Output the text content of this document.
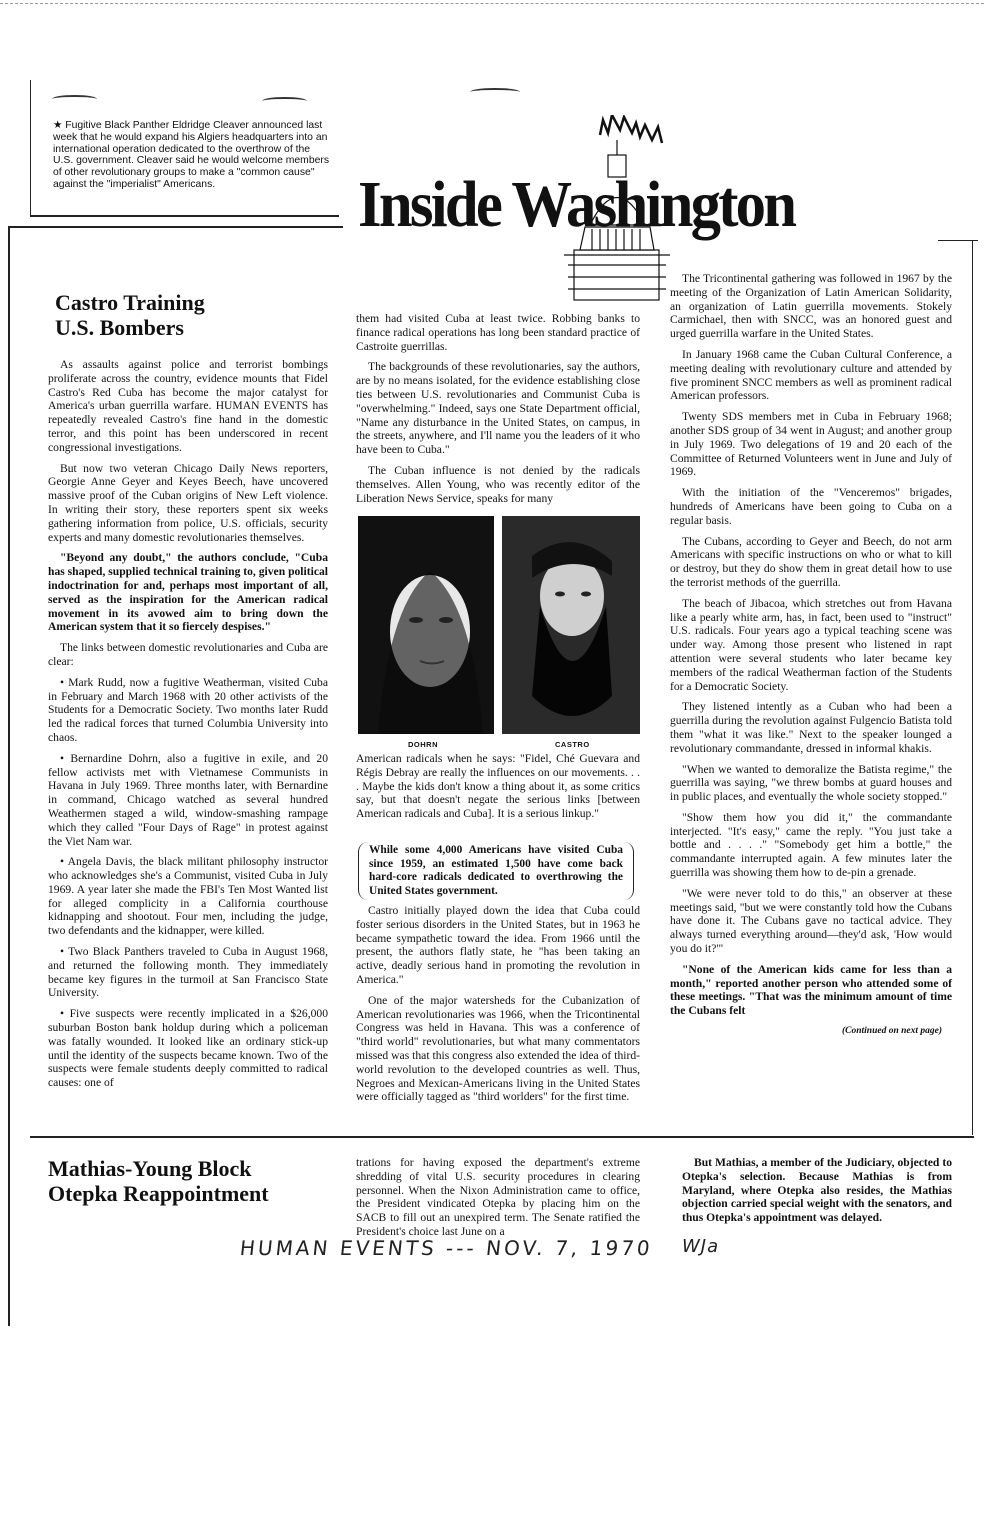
★ Fugitive Black Panther Eldridge Cleaver announced last week that he would expand his Algiers headquarters into an international operation dedicated to the overthrow of the U.S. government. Cleaver said he would welcome members of other revolutionary groups to make a "common cause" against the "imperialist" Americans.	Inside Washington

Castro Training

U.S. Bombers

As assaults against police and terrorist bombings proliferate across the country, evidence mounts that Fidel Castro's Red Cuba has become the major catalyst for America's urban guerrilla warfare. HUMAN EVENTS has repeatedly revealed Castro's fine hand in the domestic terror, and this point has been underscored in recent congressional investigations.

But now two veteran Chicago Daily News reporters, Georgie Anne Geyer and Keyes Beech, have uncovered massive proof of the Cuban origins of New Left violence. In writing their story, these reporters spent six weeks gathering information from police, U.S. officials, security experts and many domestic revolutionaries themselves.

"Beyond any doubt," the authors conclude, "Cuba has shaped, supplied technical training to, given political indoctrination for and, perhaps most important of all, served as the inspiration for the American radical movement in its avowed aim to bring down the American system that it so fiercely despises."

The links between domestic revolutionaries and Cuba are clear:

• Mark Rudd, now a fugitive Weatherman, visited Cuba in February and March 1968 with 20 other activists of the Students for a Democratic Society. Two months later Rudd led the radical forces that turned Columbia University into chaos.

• Bernardine Dohrn, also a fugitive in exile, and 20 fellow activists met with Vietnamese Communists in Havana in July 1969. Three months later, with Bernardine in command, Chicago watched as several hundred Weathermen staged a wild, window-smashing rampage which they called "Four Days of Rage" in protest against the Viet Nam war.

• Angela Davis, the black militant philosophy instructor who acknowledges she's a Communist, visited Cuba in July 1969. A year later she made the FBI's Ten Most Wanted list for alleged complicity in a California courthouse kidnapping and shootout. Four men, including the judge, two defendants and the kidnapper, were killed.

• Two Black Panthers traveled to Cuba in August 1968, and returned the following month. They immediately became key figures in the turmoil at San Francisco State University.

• Five suspects were recently implicated in a $26,000 suburban Boston bank holdup during which a policeman was fatally wounded. It looked like an ordinary stick-up until the identity of the suspects became known. Two of the suspects were female students deeply committed to radical causes: one of

them had visited Cuba at least twice. Robbing banks to finance radical operations has long been standard practice of Castroite guerrillas.

The backgrounds of these revolutionaries, say the authors, are by no means isolated, for the evidence establishing close ties between U.S. revolutionaries and Communist Cuba is "overwhelming." Indeed, says one State Department official, "Name any disturbance in the United States, on campus, in the streets, anywhere, and I'll name you the leaders of it who have been to Cuba."

The Cuban influence is not denied by the radicals themselves. Allen Young, who was recently editor of the Liberation News Service, speaks for many

DOHRN	CASTRO

American radicals when he says: "Fidel, Ché Guevara and Régis Debray are really the influences on our movements. . . . Maybe the kids don't know a thing about it, as some critics say, but that doesn't negate the serious links [between American radicals and Cuba]. It is a serious linkup."

While some 4,000 Americans have visited Cuba since 1959, an estimated 1,500 have come back hard-core radicals dedicated to overthrowing the United States government.

Castro initially played down the idea that Cuba could foster serious disorders in the United States, but in 1963 he became sympathetic toward the idea. From 1966 until the present, the authors flatly state, he "has been taking an active, deadly serious hand in promoting the revolution in America."

One of the major watersheds for the Cubanization of American revolutionaries was 1966, when the Tricontinental Congress was held in Havana. This was a conference of "third world" revolutionaries, but what many commentators missed was that this congress also extended the idea of third-world revolution to the developed countries as well. Thus, Negroes and Mexican-Americans living in the United States were officially tagged as "third worlders" for the first time.

The Tricontinental gathering was followed in 1967 by the meeting of the Organization of Latin American Solidarity, an organization of Latin guerrilla movements. Stokely Carmichael, then with SNCC, was an honored guest and urged guerrilla warfare in the United States.

In January 1968 came the Cuban Cultural Conference, a meeting dealing with revolutionary culture and attended by five prominent SNCC members as well as prominent radical American professors.

Twenty SDS members met in Cuba in February 1968; another SDS group of 34 went in August; and another group in July 1969. Two delegations of 19 and 20 each of the Committee of Returned Volunteers went in June and July of 1969.

With the initiation of the "Venceremos" brigades, hundreds of Americans have been going to Cuba on a regular basis.

The Cubans, according to Geyer and Beech, do not arm Americans with specific instructions on who or what to kill or destroy, but they do show them in great detail how to use the terrorist methods of the guerrilla.

The beach of Jibacoa, which stretches out from Havana like a pearly white arm, has, in fact, been used to "instruct" U.S. radicals. Four years ago a typical teaching scene was under way. Among those present who listened in rapt attention were several students who later became key members of the radical Weatherman faction of the Students for a Democratic Society.

They listened intently as a Cuban who had been a guerrilla during the revolution against Fulgencio Batista told them "what it was like." Next to the speaker lounged a revolutionary commandante, dressed in informal khakis.

"When we wanted to demoralize the Batista regime," the guerrilla was saying, "we threw bombs at guard houses and in public places, and eventually the whole society stopped."

"Show them how you did it," the commandante interjected. "It's easy," came the reply. "You just take a bottle and . . . ." "Somebody get him a bottle," the commandante interrupted again. A few minutes later the guerrilla was showing them how to de-pin a grenade.

"We were never told to do this," an observer at these meetings said, "but we were constantly told how the Cubans have done it. The Cubans gave no tactical advice. They always turned everything around—they'd ask, 'How would you do it?'"

"None of the American kids came for less than a month," reported another person who attended some of these meetings. "That was the minimum amount of time the Cubans felt

(Continued on next page)

Mathias-Young Block

Otepka Reappointment

trations for having exposed the department's extreme shredding of vital U.S. security procedures in clearing personnel. When the Nixon Administration came to office, the President vindicated Otepka by placing him on the SACB to fill out an unexpired term. The Senate ratified the President's choice last June on a

But Mathias, a member of the Judiciary, objected to Otepka's selection. Because Mathias is from Maryland, where Otepka also resides, the Mathias objection carried special weight with the senators, and thus Otepka's appointment was delayed.

HUMAN EVENTS --- NOV. 7, 1970 WJa
